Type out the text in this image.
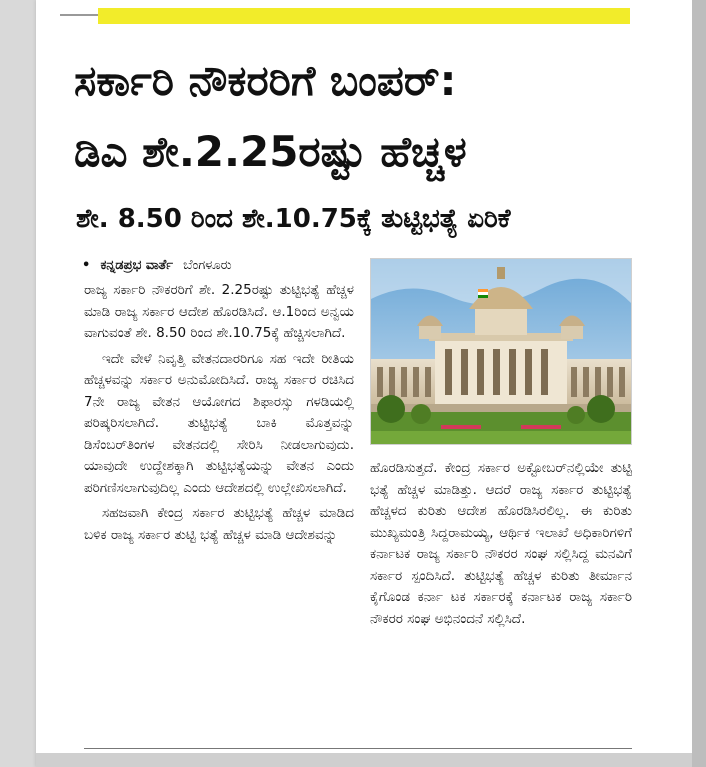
ಸರ್ಕಾರಿ ನೌಕರರಿಗೆ ಬಂಪರ್:
ಡಿಎ ಶೇ.2.25ರಷ್ಟು ಹೆಚ್ಚಳ
ಶೇ. 8.50 ರಿಂದ ಶೇ.10.75ಕ್ಕೆ ತುಟ್ಟಿಭತ್ಯೆ ಏರಿಕೆ
• ಕನ್ನಡಪ್ರಭ ವಾರ್ತೆ ಬೆಂಗಳೂರು

ರಾಜ್ಯ ಸರ್ಕಾರಿ ನೌಕರರಿಗೆ ಶೇ. 2.25ರಷ್ಟು ತುಟ್ಟಿಭತ್ಯೆ ಹೆಚ್ಚಳ ಮಾಡಿ ರಾಜ್ಯ ಸರ್ಕಾರ ಆದೇಶ ಹೊರಡಿಸಿದೆ. ಆ.1ರಿಂದ ಅನ್ವಯ ವಾಗುವಂತೆ ಶೇ. 8.50 ರಿಂದ ಶೇ.10.75ಕ್ಕೆ ಹೆಚ್ಚಿಸಲಾಗಿದೆ.

ಇದೇ ವೇಳೆ ನಿವೃತ್ತಿ ವೇತನದಾರರಿಗೂ ಸಹ ಇದೇ ರೀತಿಯ ಹೆಚ್ಚಳವನ್ನು ಸರ್ಕಾರ ಅನುಮೋದಿಸಿದೆ. ರಾಜ್ಯ ಸರ್ಕಾರ ರಚಿಸಿದ 7ನೇ ರಾಜ್ಯ ವೇತನ ಆಯೋಗದ ಶಿಫಾರಸ್ಸು ಗಳಡಿಯಲ್ಲಿ ಪರಿಷ್ಕರಿಸಲಾಗಿದೆ. ತುಟ್ಟಿಭತ್ಯೆ ಬಾಕಿ ಮೊತ್ತವನ್ನು ಡಿಸೆಂಬರ್‌ತಿಂಗಳ ವೇತನದಲ್ಲಿ ಸೇರಿಸಿ ನೀಡಲಾಗುವುದು. ಯಾವುದೇ ಉದ್ದೇಶಕ್ಕಾಗಿ ತುಟ್ಟಿಭತ್ಯೆಯನ್ನು ವೇತನ ಎಂದು ಪರಿಗಣಿಸಲಾಗುವುದಿಲ್ಲ ಎಂದು ಆದೇಶದಲ್ಲಿ ಉಲ್ಲೇಖಿಸಲಾಗಿದೆ.

ಸಹಜವಾಗಿ ಕೇಂದ್ರ ಸರ್ಕಾರ ತುಟ್ಟಿಭತ್ಯೆ ಹೆಚ್ಚಳ ಮಾಡಿದ ಬಳಿಕ ರಾಜ್ಯ ಸರ್ಕಾರ ತುಟ್ಟಿ ಭತ್ಯೆ ಹೆಚ್ಚಳ ಮಾಡಿ ಆದೇಶವನ್ನು

ಹೊರಡಿಸುತ್ತದೆ. ಕೇಂದ್ರ ಸರ್ಕಾರ ಅಕ್ಟೋಬರ್‌ನಲ್ಲಿಯೇ ತುಟ್ಟಿ ಭತ್ಯೆ ಹೆಚ್ಚಳ ಮಾಡಿತ್ತು. ಆದರೆ ರಾಜ್ಯ ಸರ್ಕಾರ ತುಟ್ಟಿಭತ್ಯೆ ಹೆಚ್ಚಳದ ಕುರಿತು ಆದೇಶ ಹೊರಡಿಸಿರಲಿಲ್ಲ. ಈ ಕುರಿತು ಮುಖ್ಯಮಂತ್ರಿ ಸಿದ್ದರಾಮಯ್ಯ, ಆರ್ಥಿಕ ಇಲಾಖೆ ಅಧಿಕಾರಿಗಳಿಗೆ ಕರ್ನಾಟಕ ರಾಜ್ಯ ಸರ್ಕಾರಿ ನೌಕರರ ಸಂಘ ಸಲ್ಲಿಸಿದ್ದ ಮನವಿಗೆ ಸರ್ಕಾರ ಸ್ಪಂದಿಸಿದೆ. ತುಟ್ಟಿಭತ್ಯೆ ಹೆಚ್ಚಳ ಕುರಿತು ತೀರ್ಮಾನ ಕೈಗೊಂಡ ಕರ್ನಾ ಟಕ ಸರ್ಕಾರಕ್ಕೆ ಕರ್ನಾಟಕ ರಾಜ್ಯ ಸರ್ಕಾರಿ ನೌಕರರ ಸಂಘ ಅಭಿನಂದನೆ ಸಲ್ಲಿಸಿದೆ.
